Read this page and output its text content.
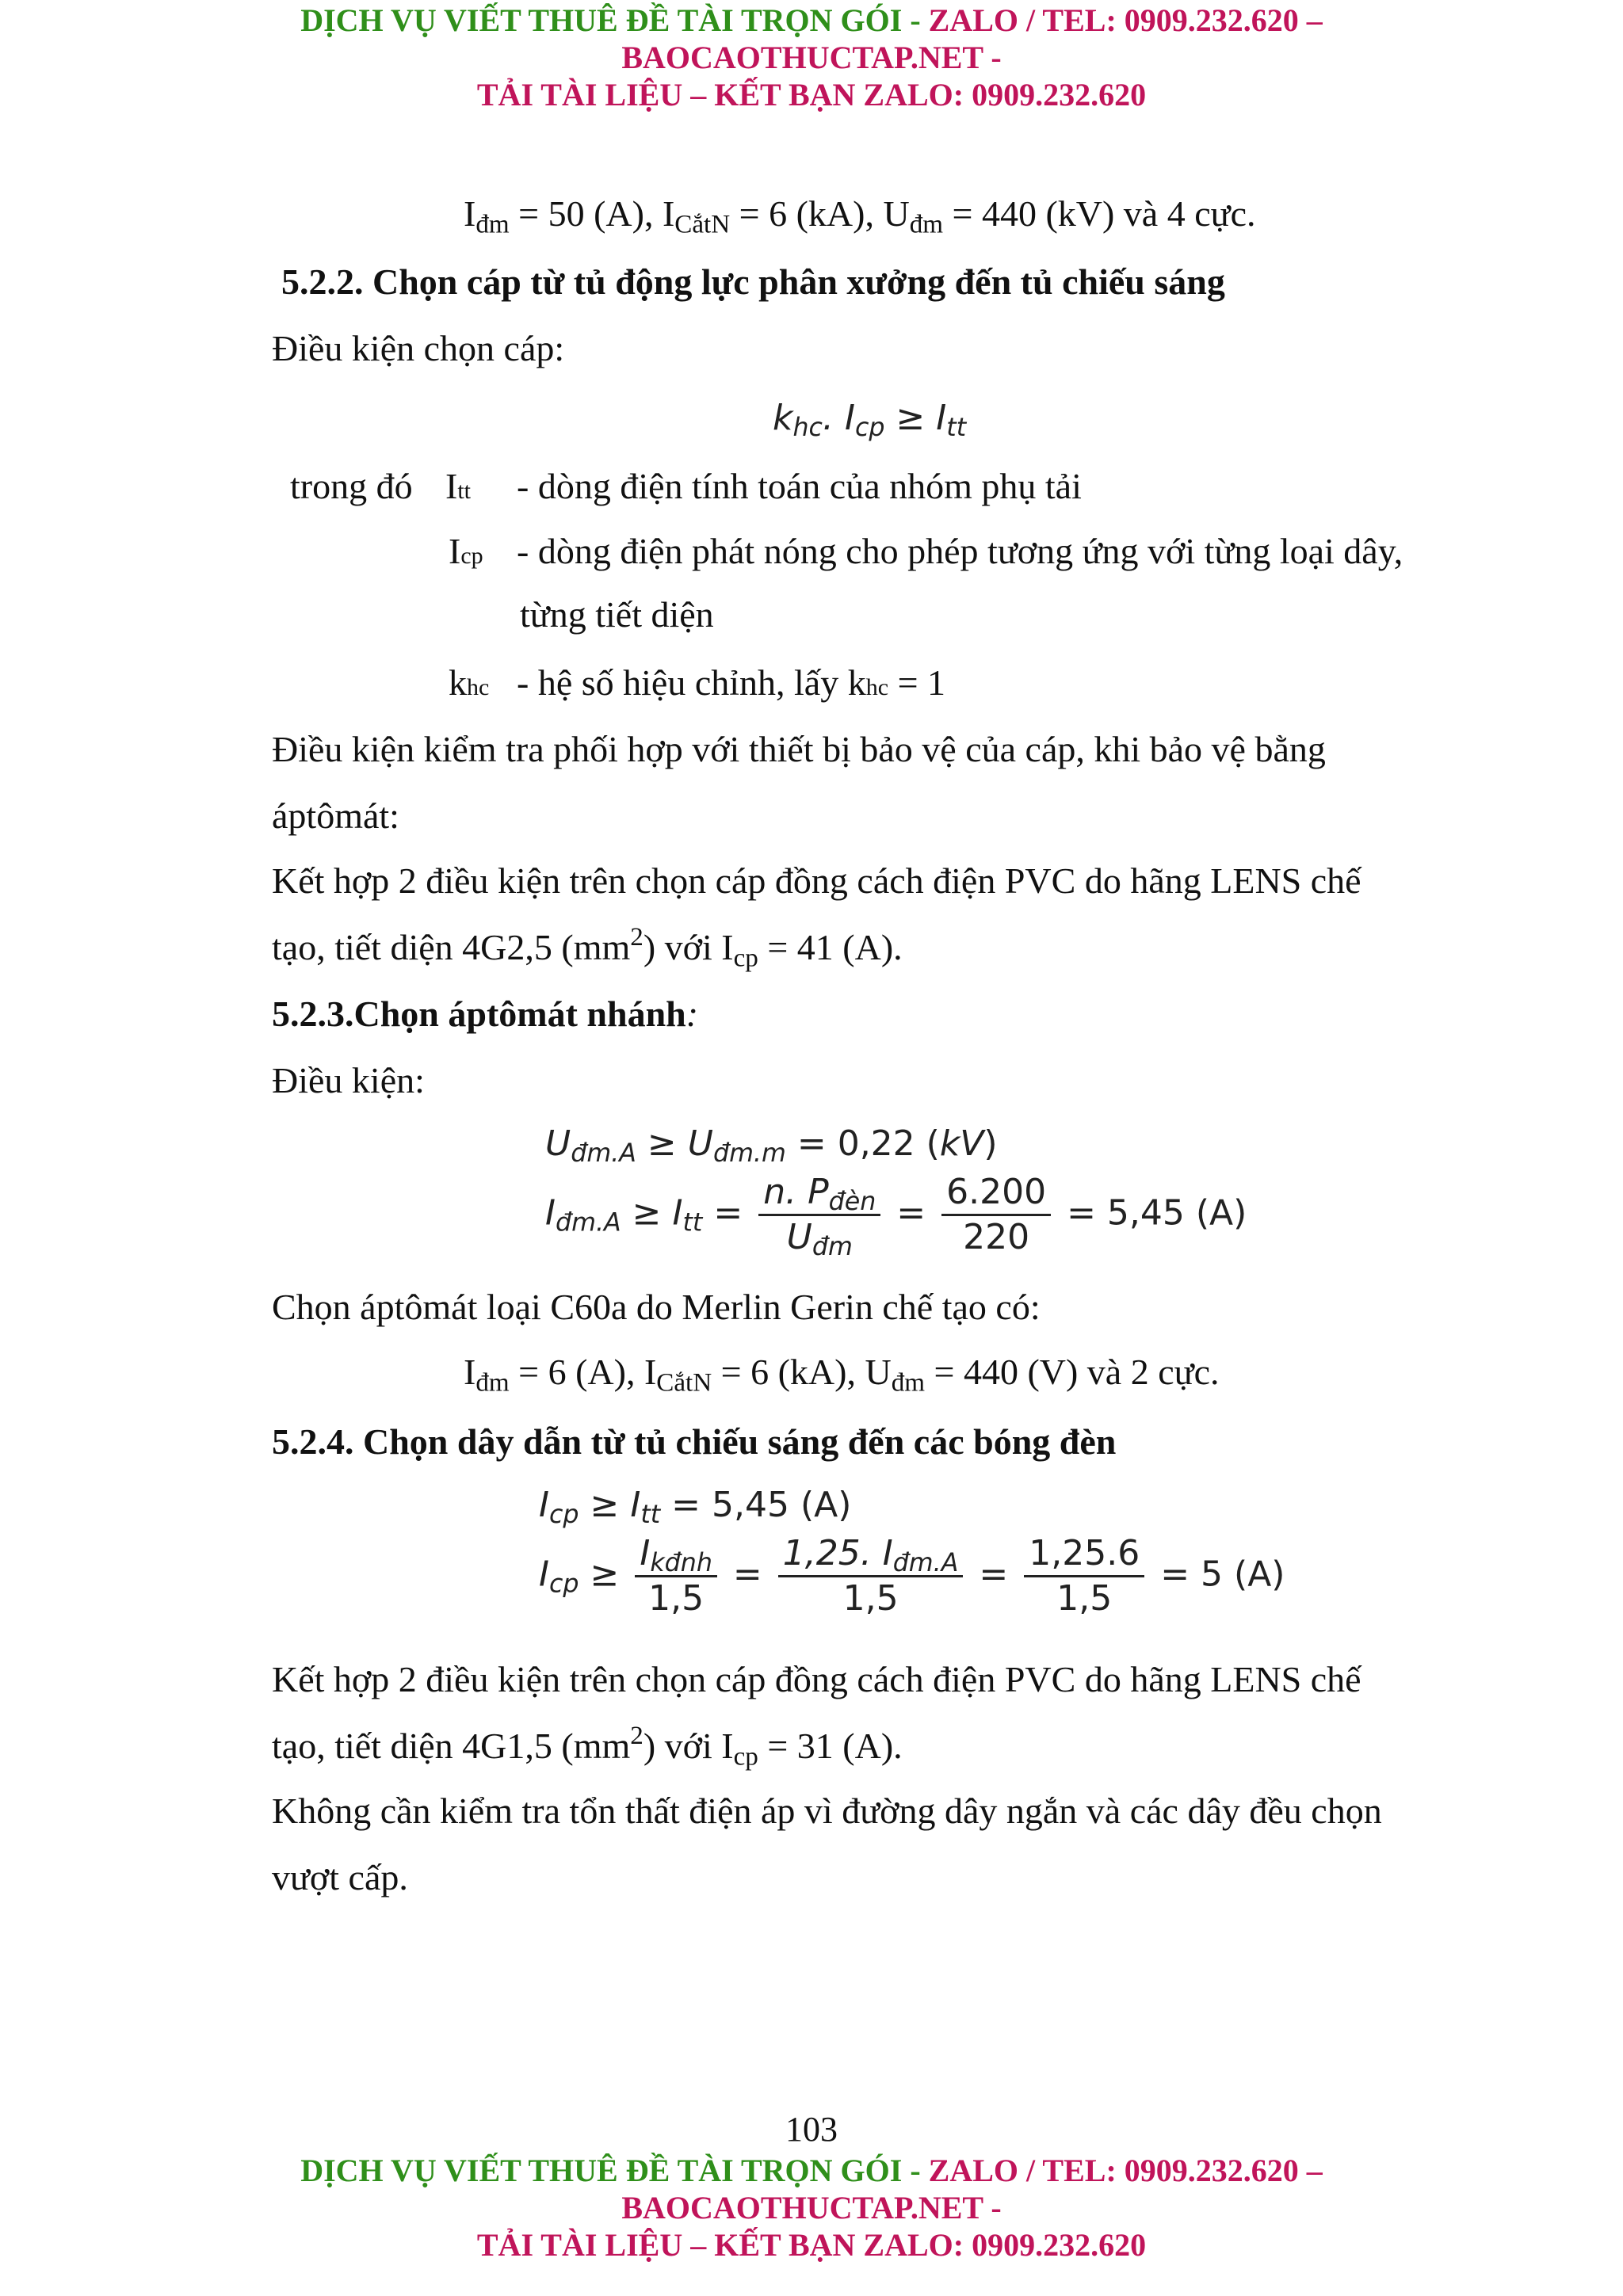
DỊCH VỤ VIẾT THUÊ ĐỀ TÀI TRỌN GÓI - ZALO / TEL: 0909.232.620 –
BAOCAOTHUCTAP.NET -
TẢI TÀI LIỆU – KẾT BẠN ZALO: 0909.232.620
$I_{đm} = 50$ (A), $I_{CắtN} = 6$ (kA), $U_{đm} = 440$ (kV) và 4 cực.
5.2.2. Chọn cáp từ tủ động lực phân xưởng đến tủ chiếu sáng
Điều kiện chọn cáp:
$k_{hc}$. $I_{cp} \ge I_{tt}$
trong đó Itt - dòng điện tính toán của nhóm phụ tải
Icp - dòng điện phát nóng cho phép tương ứng với từng loại dây,
từng tiết diện
khc - hệ số hiệu chỉnh, lấy khc = 1
Điều kiện kiểm tra phối hợp với thiết bị bảo vệ của cáp, khi bảo vệ bằng
áptômát:
Kết hợp 2 điều kiện trên chọn cáp đồng cách điện PVC do hãng LENS chế
tạo, tiết diện 4G2,5 $(mm^2)$ với $I_{cp} = 41$ (A).
5.2.3.Chọn áptômát nhánh:
Điều kiện:
$U_{đm.A} \ge U_{đm.m} = 0,22$ (kV)
$I_{đm.A} \ge I_{tt} = \frac{n. P_{đèn}}{U_{đm}} = \frac{6.200}{220} = 5,45$ (A)
Chọn áptômát loại C60a do Merlin Gerin chế tạo có:
$I_{đm} = 6$ (A), $I_{CắtN} = 6$ (kA), $U_{đm} = 440$ (V) và 2 cực.
5.2.4. Chọn dây dẫn từ tủ chiếu sáng đến các bóng đèn
$I_{cp} \ge I_{tt} = 5,45$ (A)
$I_{cp} \ge \frac{I_{kđnh}}{1,5} = \frac{1,25. I_{đm.A}}{1,5} = \frac{1,25.6}{1,5} = 5$ (A)
Kết hợp 2 điều kiện trên chọn cáp đồng cách điện PVC do hãng LENS chế
tạo, tiết diện 4G1,5 $(mm^2)$ với $I_{cp} = 31$ (A).
Không cần kiểm tra tổn thất điện áp vì đường dây ngắn và các dây đều chọn
vượt cấp.
103
DỊCH VỤ VIẾT THUÊ ĐỀ TÀI TRỌN GÓI - ZALO / TEL: 0909.232.620 –
BAOCAOTHUCTAP.NET -
TẢI TÀI LIỆU – KẾT BẠN ZALO: 0909.232.620
